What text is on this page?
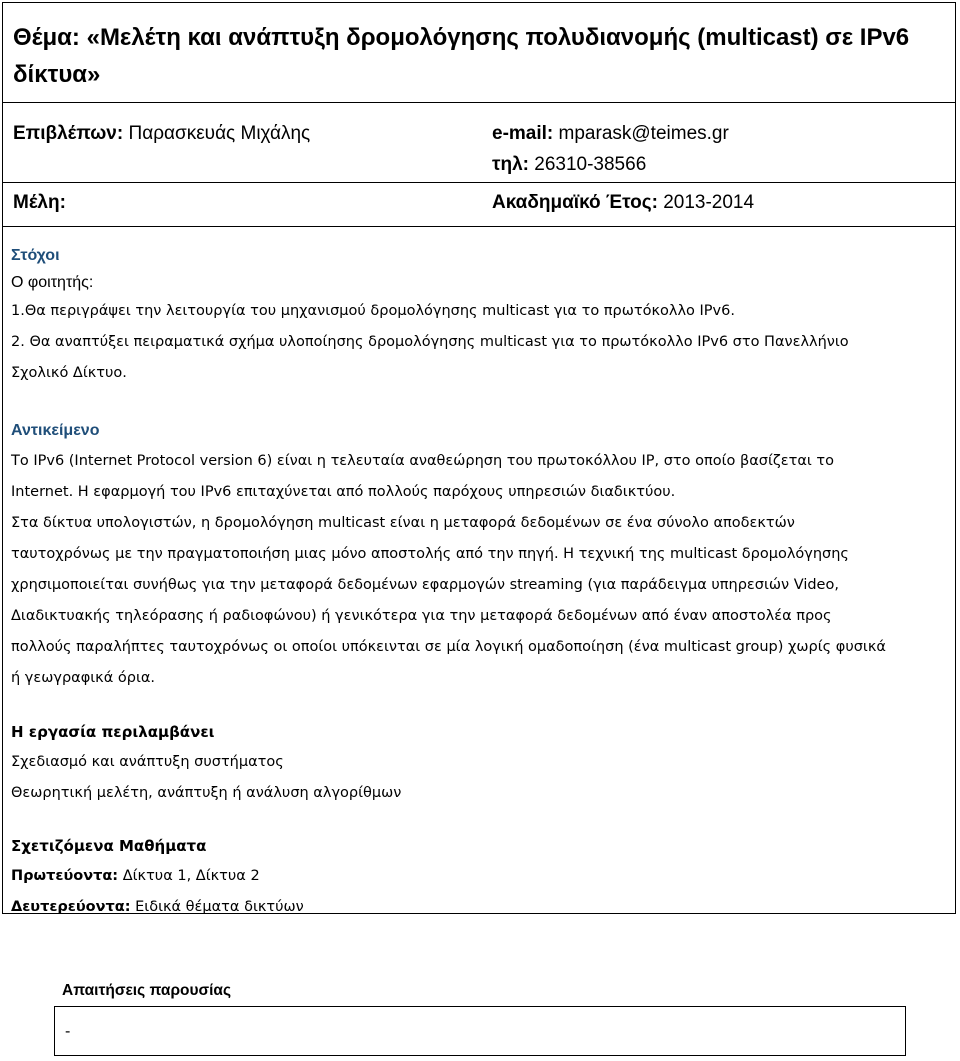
Θέμα: «Μελέτη και ανάπτυξη δρομολόγησης πολυδιανομής (multicast) σε IPv6 δίκτυα»
Επιβλέπων: Παρασκευάς Μιχάλης	e-mail: mparask@teimes.gr
τηλ: 26310-38566
Μέλη:	Ακαδημαϊκό Έτος: 2013-2014
Στόχοι
Ο φοιτητής:
1.Θα περιγράψει την λειτουργία του μηχανισμού δρομολόγησης multicast για το πρωτόκολλο IPv6.
2. Θα αναπτύξει πειραματικά σχήμα υλοποίησης δρομολόγησης multicast για το πρωτόκολλο IPv6 στο Πανελλήνιο
Σχολικό Δίκτυο.
Αντικείμενο
Το IPv6 (Internet Protocol version 6) είναι η τελευταία αναθεώρηση του πρωτοκόλλου IP, στο οποίο βασίζεται το
Internet. Η εφαρμογή του IPv6 επιταχύνεται από πολλούς παρόχους υπηρεσιών διαδικτύου.
Στα δίκτυα υπολογιστών, η δρομολόγηση multicast είναι η μεταφορά δεδομένων σε ένα σύνολο αποδεκτών
ταυτοχρόνως με την πραγματοποιήση μιας μόνο αποστολής από την πηγή. Η τεχνική της multicast δρομολόγησης
χρησιμοποιείται συνήθως για την μεταφορά δεδομένων εφαρμογών streaming (για παράδειγμα υπηρεσιών Video,
Διαδικτυακής τηλεόρασης ή ραδιοφώνου) ή γενικότερα για την μεταφορά δεδομένων από έναν αποστολέα προς
πολλούς παραλήπτες ταυτοχρόνως οι οποίοι υπόκεινται σε μία λογική ομαδοποίηση (ένα multicast group) χωρίς φυσικά
ή γεωγραφικά όρια.
Η εργασία περιλαμβάνει
Σχεδιασμό και ανάπτυξη συστήματος
Θεωρητική μελέτη, ανάπτυξη ή ανάλυση αλγορίθμων
Σχετιζόμενα Μαθήματα
Πρωτεύοντα: Δίκτυα 1, Δίκτυα 2
Δευτερεύοντα: Ειδικά θέματα δικτύων
Απαιτήσεις παρουσίας
-
